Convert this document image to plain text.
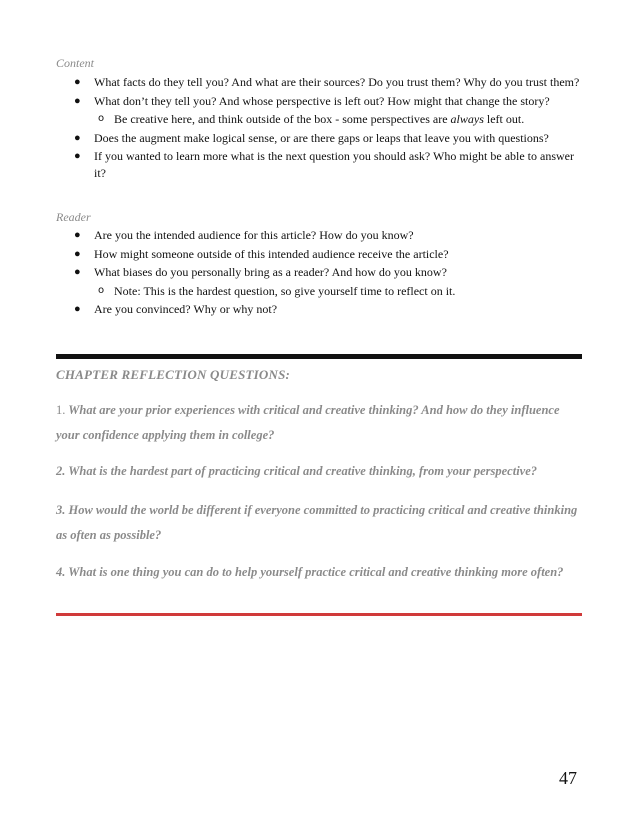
Content
● What facts do they tell you? And what are their sources? Do you trust them? Why do you trust them?
● What don’t they tell you? And whose perspective is left out? How might that change the story?
o Be creative here, and think outside of the box - some perspectives are always left out.
● Does the augment make logical sense, or are there gaps or leaps that leave you with questions?
● If you wanted to learn more what is the next question you should ask? Who might be able to answer it?
Reader
● Are you the intended audience for this article? How do you know?
● How might someone outside of this intended audience receive the article?
● What biases do you personally bring as a reader? And how do you know?
o Note: This is the hardest question, so give yourself time to reflect on it.
● Are you convinced? Why or why not?
CHAPTER REFLECTION QUESTIONS:
1. What are your prior experiences with critical and creative thinking? And how do they influence your confidence applying them in college?
2. What is the hardest part of practicing critical and creative thinking, from your perspective?
3. How would the world be different if everyone committed to practicing critical and creative thinking as often as possible?
4. What is one thing you can do to help yourself practice critical and creative thinking more often?
47
